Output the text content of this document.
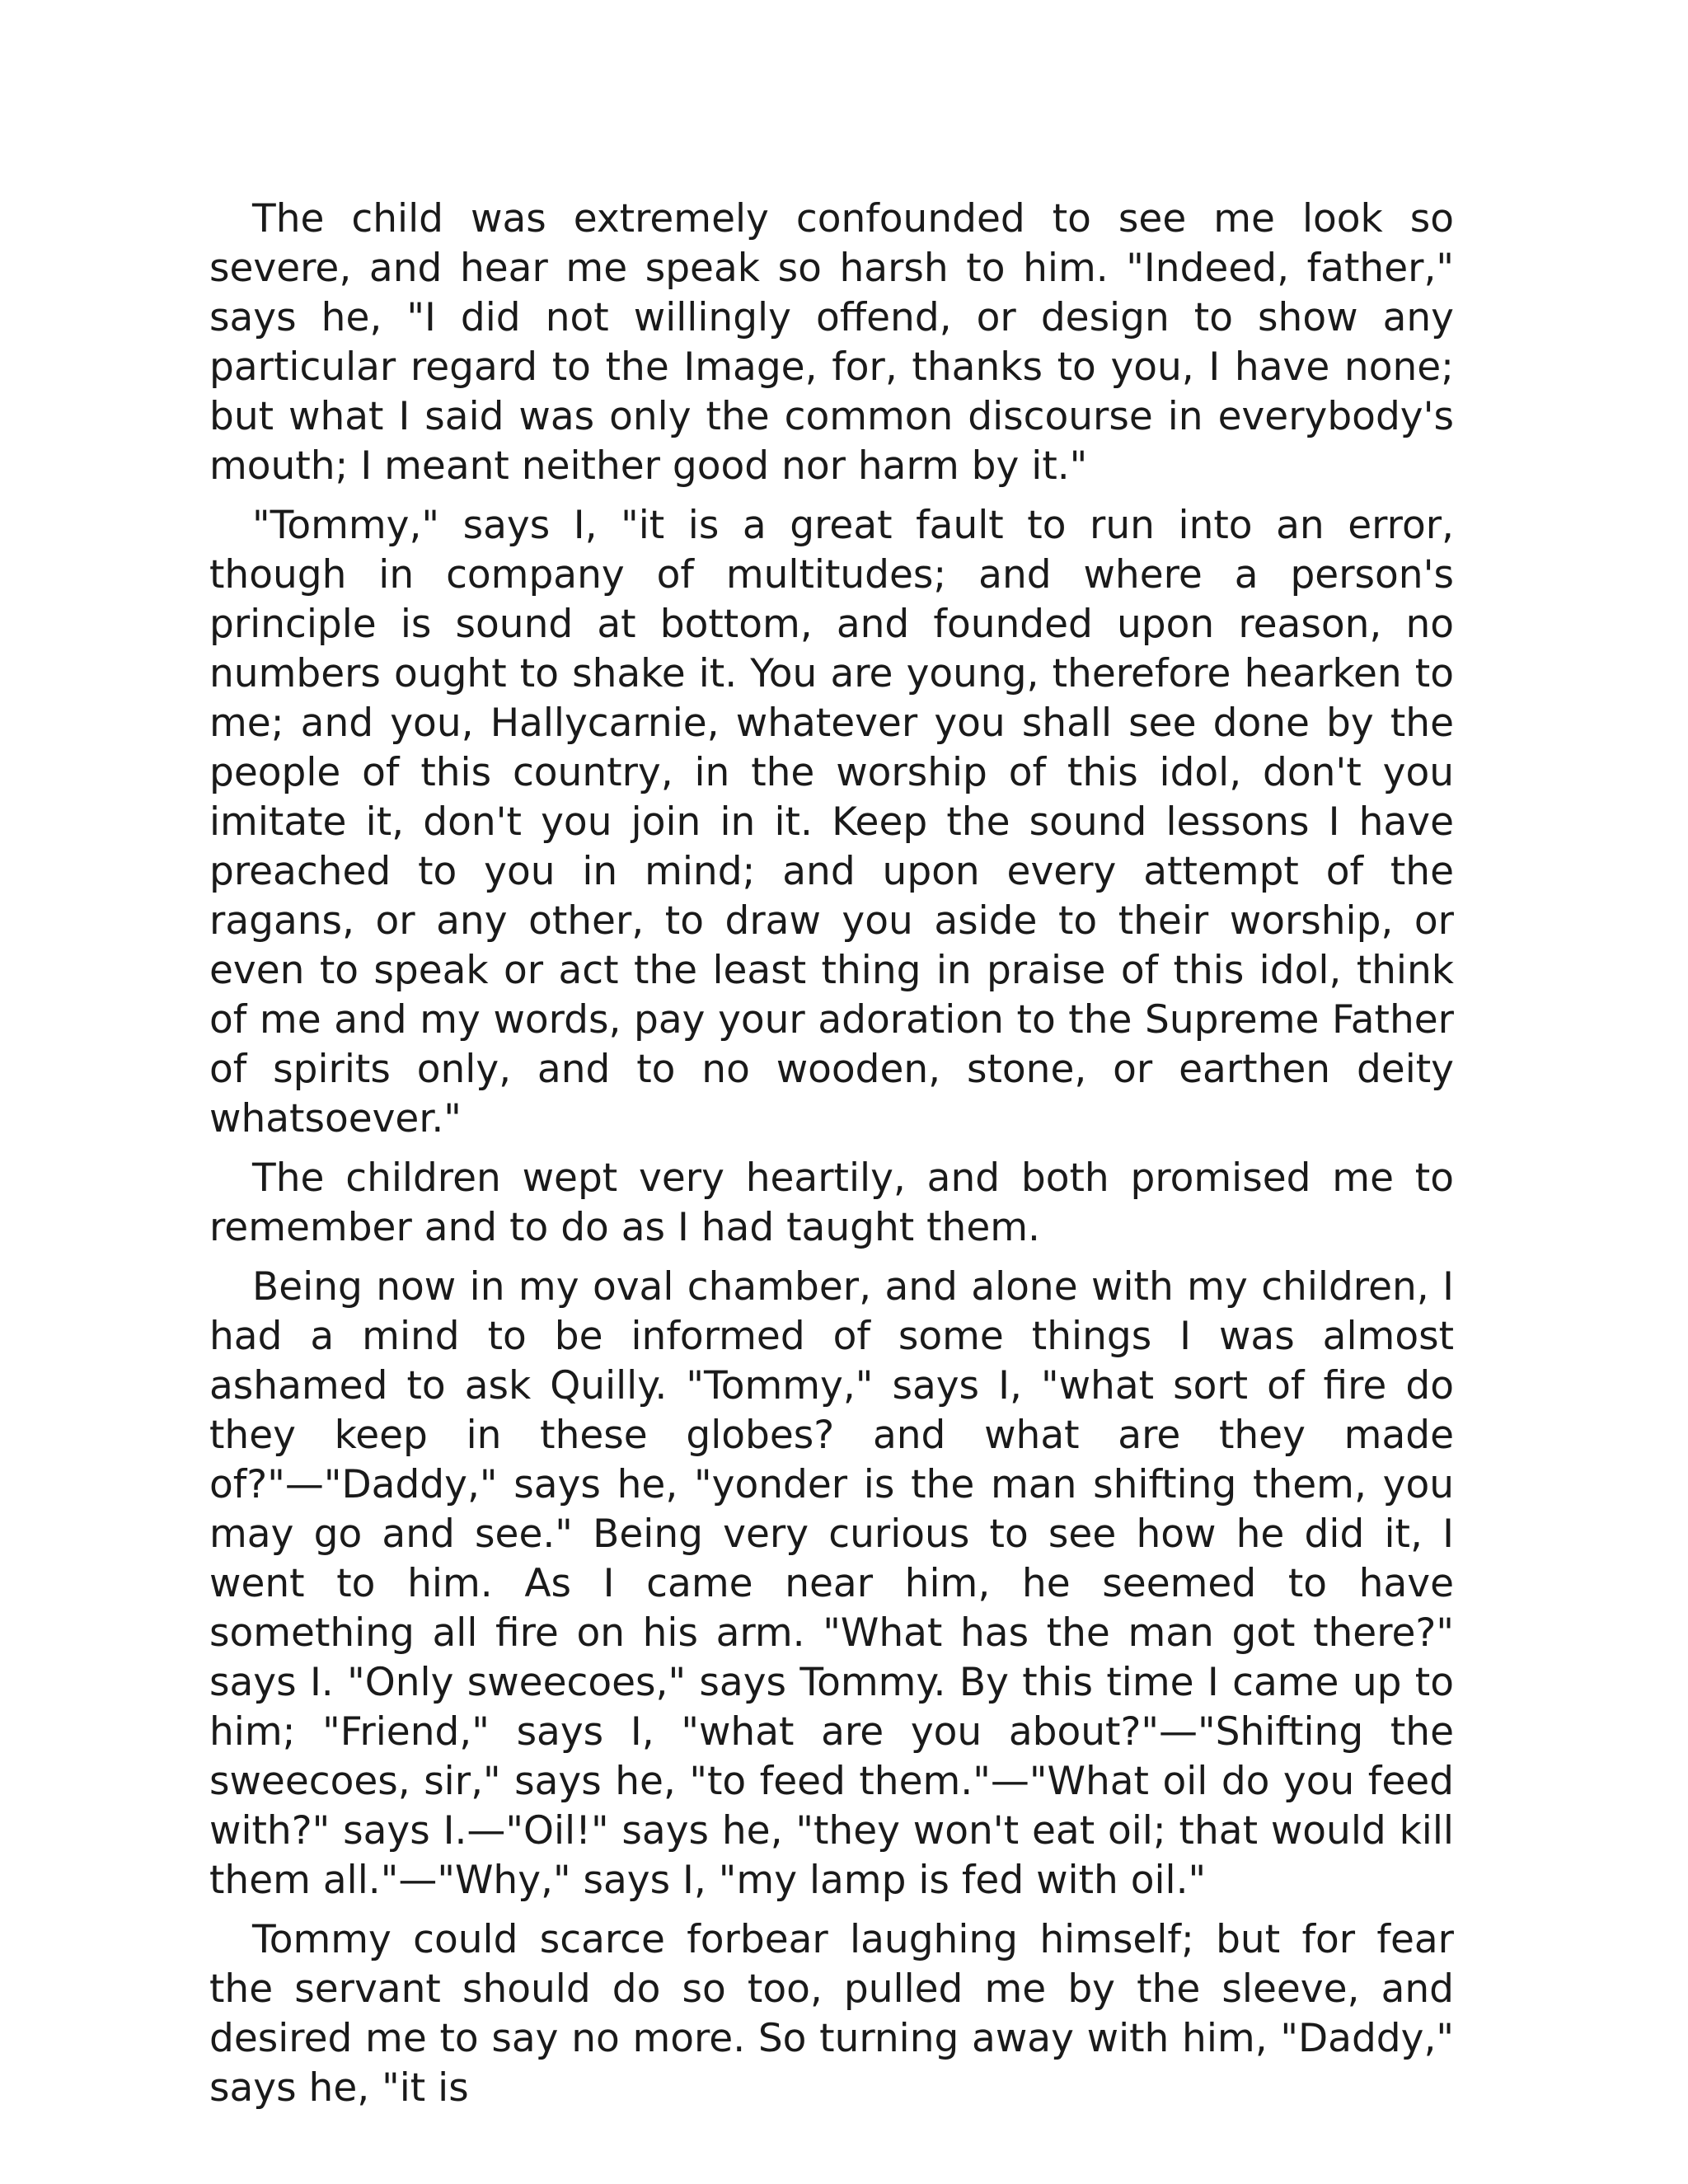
The child was extremely confounded to see me look so severe, and hear me speak so harsh to him. "Indeed, father," says he, "I did not willingly offend, or design to show any particular regard to the Image, for, thanks to you, I have none; but what I said was only the common discourse in everybody's mouth; I meant neither good nor harm by it."

"Tommy," says I, "it is a great fault to run into an error, though in company of multitudes; and where a person's principle is sound at bottom, and founded upon reason, no numbers ought to shake it. You are young, therefore hearken to me; and you, Hallycarnie, whatever you shall see done by the people of this country, in the worship of this idol, don't you imitate it, don't you join in it. Keep the sound lessons I have preached to you in mind; and upon every attempt of the ragans, or any other, to draw you aside to their worship, or even to speak or act the least thing in praise of this idol, think of me and my words, pay your adoration to the Supreme Father of spirits only, and to no wooden, stone, or earthen deity whatsoever."

The children wept very heartily, and both promised me to remember and to do as I had taught them.

Being now in my oval chamber, and alone with my children, I had a mind to be informed of some things I was almost ashamed to ask Quilly. "Tommy," says I, "what sort of fire do they keep in these globes? and what are they made of?"—"Daddy," says he, "yonder is the man shifting them, you may go and see." Being very curious to see how he did it, I went to him. As I came near him, he seemed to have something all fire on his arm. "What has the man got there?" says I. "Only sweecoes," says Tommy. By this time I came up to him; "Friend," says I, "what are you about?"—"Shifting the sweecoes, sir," says he, "to feed them."—"What oil do you feed with?" says I.—"Oil!" says he, "they won't eat oil; that would kill them all."—"Why," says I, "my lamp is fed with oil."

Tommy could scarce forbear laughing himself; but for fear the servant should do so too, pulled me by the sleeve, and desired me to say no more. So turning away with him, "Daddy," says he, "it is
